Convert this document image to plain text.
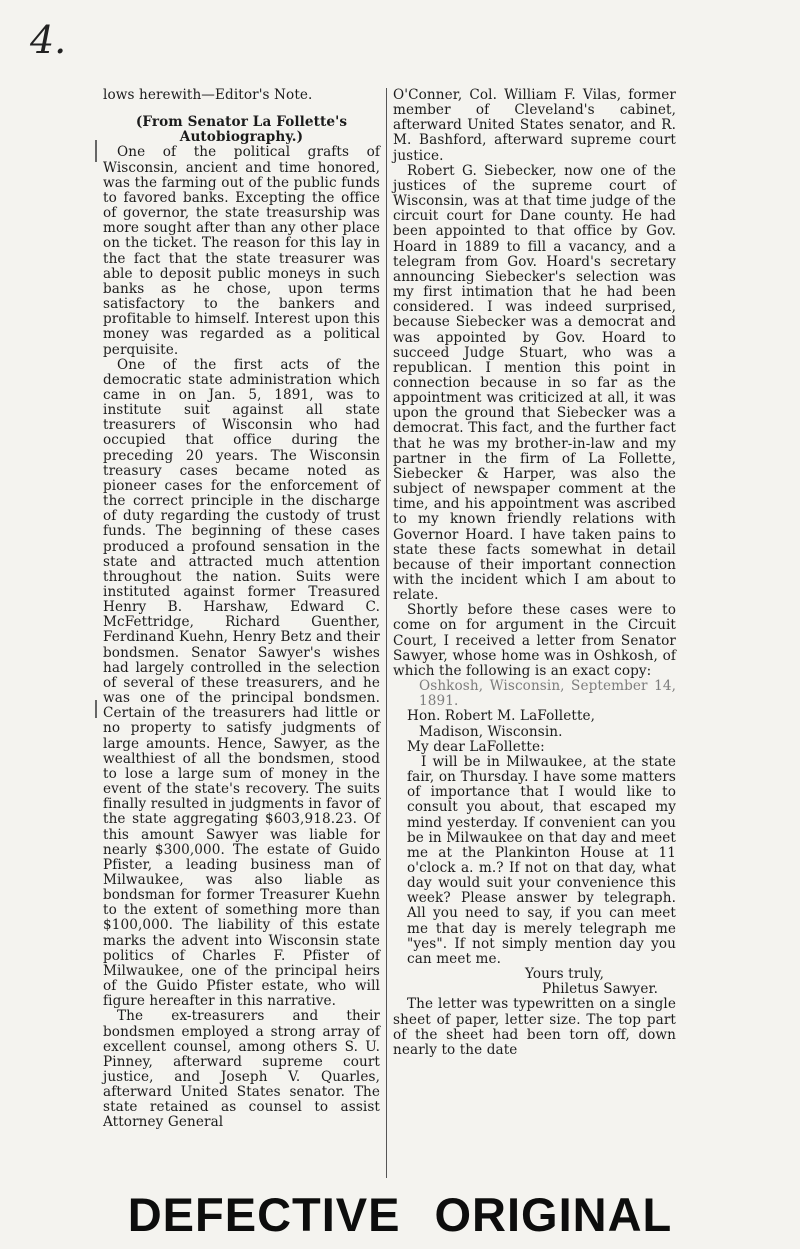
4.

lows herewith—Editor's Note.

(From Senator La Follette's Autobiography.)

One of the political grafts of Wisconsin, ancient and time honored, was the farming out of the public funds to favored banks. Excepting the office of governor, the state treasurship was more sought after than any other place on the ticket. The reason for this lay in the fact that the state treasurer was able to deposit public moneys in such banks as he chose, upon terms satisfactory to the bankers and profitable to himself. Interest upon this money was regarded as a political perquisite.

One of the first acts of the democratic state administration which came in on Jan. 5, 1891, was to institute suit against all state treasurers of Wisconsin who had occupied that office during the preceding 20 years. The Wisconsin treasury cases became noted as pioneer cases for the enforcement of the correct principle in the discharge of duty regarding the custody of trust funds. The beginning of these cases produced a profound sensation in the state and attracted much attention throughout the nation. Suits were instituted against former Treasured Henry B. Harshaw, Edward C. McFettridge, Richard Guenther, Ferdinand Kuehn, Henry Betz and their bondsmen. Senator Sawyer's wishes had largely controlled in the selection of several of these treasurers, and he was one of the principal bondsmen. Certain of the treasurers had little or no property to satisfy judgments of large amounts. Hence, Sawyer, as the wealthiest of all the bondsmen, stood to lose a large sum of money in the event of the state's recovery. The suits finally resulted in judgments in favor of the state aggregating $603,918.23. Of this amount Sawyer was liable for nearly $300,000. The estate of Guido Pfister, a leading business man of Milwaukee, was also liable as bondsman for former Treasurer Kuehn to the extent of something more than $100,000. The liability of this estate marks the advent into Wisconsin state politics of Charles F. Pfister of Milwaukee, one of the principal heirs of the Guido Pfister estate, who will figure hereafter in this narrative.

The ex-treasurers and their bondsmen employed a strong array of excellent counsel, among others S. U. Pinney, afterward supreme court justice, and Joseph V. Quarles, afterward United States senator. The state retained as counsel to assist Attorney General

O'Conner, Col. William F. Vilas, former member of Cleveland's cabinet, afterward United States senator, and R. M. Bashford, afterward supreme court justice.

Robert G. Siebecker, now one of the justices of the supreme court of Wisconsin, was at that time judge of the circuit court for Dane county. He had been appointed to that office by Gov. Hoard in 1889 to fill a vacancy, and a telegram from Gov. Hoard's secretary announcing Siebecker's selection was my first intimation that he had been considered. I was indeed surprised, because Siebecker was a democrat and was appointed by Gov. Hoard to succeed Judge Stuart, who was a republican. I mention this point in connection because in so far as the appointment was criticized at all, it was upon the ground that Siebecker was a democrat. This fact, and the further fact that he was my brother-in-law and my partner in the firm of La Follette, Siebecker & Harper, was also the subject of newspaper comment at the time, and his appointment was ascribed to my known friendly relations with Governor Hoard. I have taken pains to state these facts somewhat in detail because of their important connection with the incident which I am about to relate.

Shortly before these cases were to come on for argument in the Circuit Court, I received a letter from Senator Sawyer, whose home was in Oshkosh, of which the following is an exact copy:

Oshkosh, Wisconsin, September 14, 1891.

Hon. Robert M. LaFollette,

Madison, Wisconsin.

My dear LaFollette:

I will be in Milwaukee, at the state fair, on Thursday. I have some matters of importance that I would like to consult you about, that escaped my mind yesterday. If convenient can you be in Milwaukee on that day and meet me at the Plankinton House at 11 o'clock a. m.? If not on that day, what day would suit your convenience this week? Please answer by telegraph. All you need to say, if you can meet me that day is merely telegraph me "yes". If not simply mention day you can meet me.

Yours truly,

Philetus Sawyer.

The letter was typewritten on a single sheet of paper, letter size. The top part of the sheet had been torn off, down nearly to the date

DEFECTIVE ORIGINAL
